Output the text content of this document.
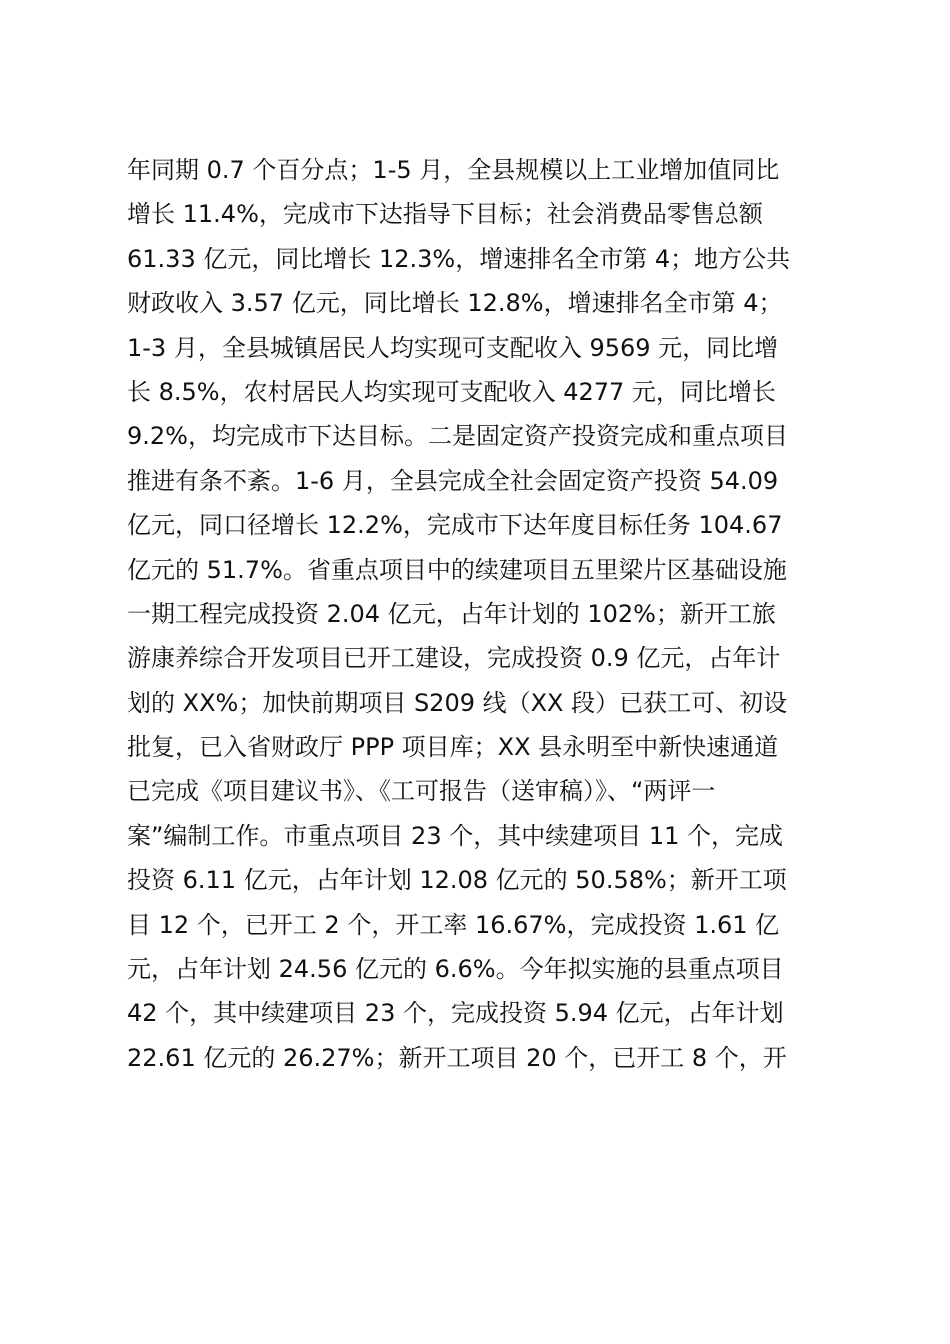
年同期 0.7 个百分点；1-5 月，全县规模以上工业增加值同比
增长 11.4%，完成市下达指导下目标；社会消费品零售总额
61.33 亿元，同比增长 12.3%，增速排名全市第 4；地方公共
财政收入 3.57 亿元，同比增长 12.8%，增速排名全市第 4；
1-3 月，全县城镇居民人均实现可支配收入 9569 元，同比增
长 8.5%，农村居民人均实现可支配收入 4277 元，同比增长
9.2%，均完成市下达目标。二是固定资产投资完成和重点项目
推进有条不紊。1-6 月，全县完成全社会固定资产投资 54.09
亿元，同口径增长 12.2%，完成市下达年度目标任务 104.67
亿元的 51.7%。省重点项目中的续建项目五里梁片区基础设施
一期工程完成投资 2.04 亿元，占年计划的 102%；新开工旅
游康养综合开发项目已开工建设，完成投资 0.9 亿元，占年计
划的 XX%；加快前期项目 S209 线（XX 段）已获工可、初设
批复，已入省财政厅 PPP 项目库；XX 县永明至中新快速通道
已完成《项目建议书》、《工可报告（送审稿）》、“两评一
案”编制工作。市重点项目 23 个，其中续建项目 11 个，完成
投资 6.11 亿元，占年计划 12.08 亿元的 50.58%；新开工项
目 12 个，已开工 2 个，开工率 16.67%，完成投资 1.61 亿
元，占年计划 24.56 亿元的 6.6%。今年拟实施的县重点项目
42 个，其中续建项目 23 个，完成投资 5.94 亿元，占年计划
22.61 亿元的 26.27%；新开工项目 20 个，已开工 8 个，开
